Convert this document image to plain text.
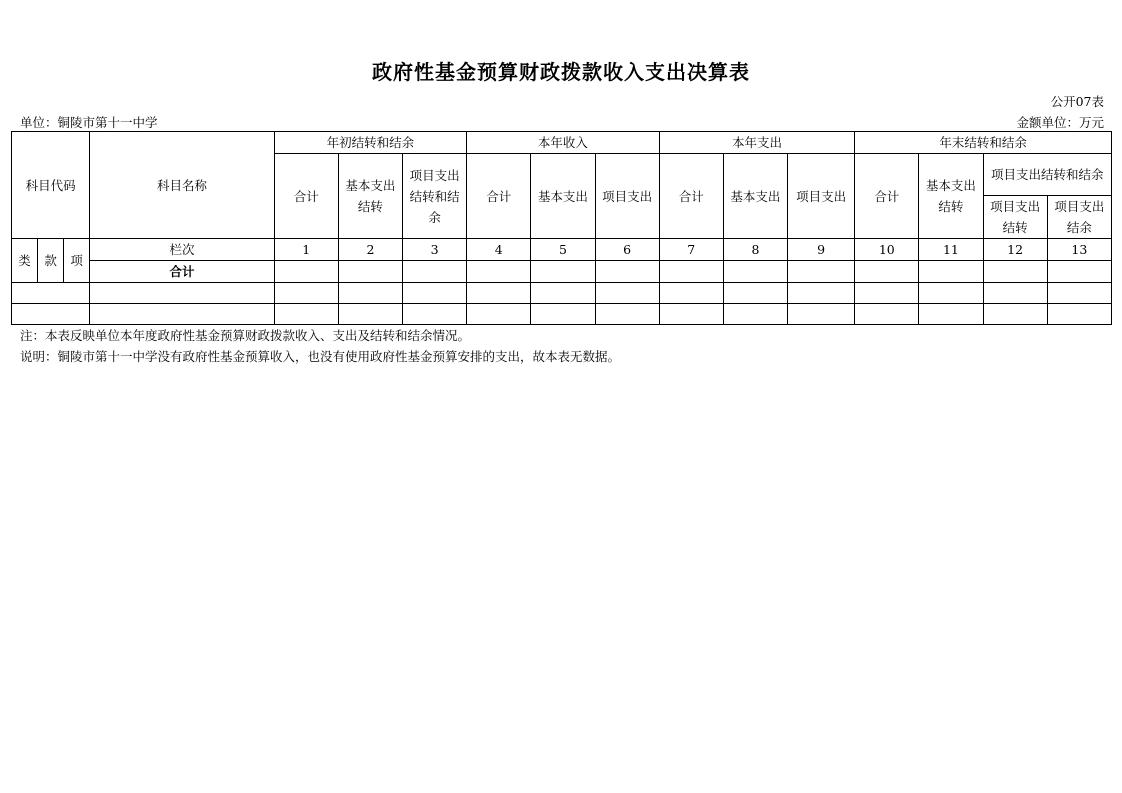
政府性基金预算财政拨款收入支出决算表
公开07表
单位：铜陵市第十一中学	金额单位：万元
科目代码			科目名称	年初结转和结余			本年收入			本年支出			年末结转和结余			
				合计	基本支出结转	项目支出结转和结余	合计	基本支出	项目支出	合计	基本支出	项目支出	合计	基本支出结转	项目支出结转和结余	
															项目支出结转	项目支出结余
类	款	项	栏次	1	2	3	4	5	6	7	8	9	10	11	12	13
			合计													

注：本表反映单位本年度政府性基金预算财政拨款收入、支出及结转和结余情况。
说明：铜陵市第十一中学没有政府性基金预算收入，也没有使用政府性基金预算安排的支出，故本表无数据。
